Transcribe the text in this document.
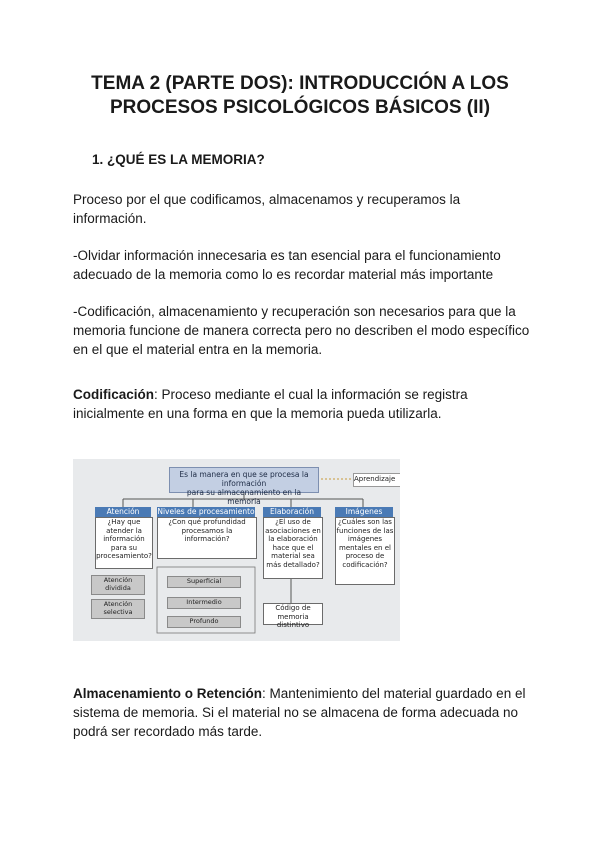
TEMA 2 (PARTE DOS): INTRODUCCIÓN A LOS
PROCESOS PSICOLÓGICOS BÁSICOS (II)
1. ¿QUÉ ES LA MEMORIA?
Proceso por el que codificamos, almacenamos y recuperamos la información.
-Olvidar información innecesaria es tan esencial para el funcionamiento adecuado de la memoria como lo es recordar material más importante
-Codificación, almacenamiento y recuperación son necesarios para que la memoria funcione de manera correcta pero no describen el modo específico en el que el material entra en la memoria.
Codificación: Proceso mediante el cual la información se registra inicialmente en una forma en que la memoria pueda utilizarla.
Es la manera en que se procesa la información
para su almacenamiento en la memoria
Aprendizaje
Atención
¿Hay que atender la información para su procesamiento?
Niveles de procesamiento
¿Con qué profundidad procesamos la información?
Elaboración
¿El uso de asociaciones en la elaboración hace que el material sea más detallado?
Imágenes
¿Cuáles son las funciones de las imágenes mentales en el proceso de codificación?
Atención dividida
Atención selectiva
Superficial
Intermedio
Profundo
Código de memoria distintivo
Almacenamiento o Retención: Mantenimiento del material guardado en el sistema de memoria. Si el material no se almacena de forma adecuada no podrá ser recordado más tarde.
